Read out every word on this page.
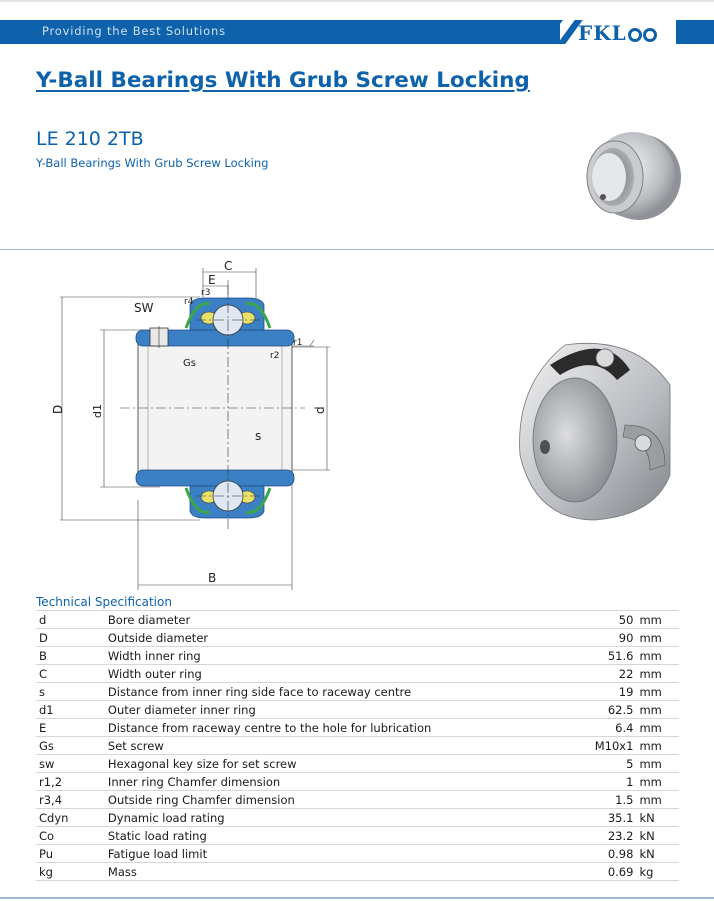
Providing the Best Solutions	FKL
Y-Ball Bearings With Grub Screw Locking
LE 210 2TB
Y-Ball Bearings With Grub Screw Locking
C
E
r3
r4
SW
r1
r2
Gs
D d1	d
s
B
Technical Specification
d	Bore diameter	50	mm
D	Outside diameter	90	mm
B	Width inner ring	51.6	mm
C	Width outer ring	22	mm
s	Distance from inner ring side face to raceway centre	19	mm
d1	Outer diameter inner ring	62.5	mm
E	Distance from raceway centre to the hole for lubrication	6.4	mm
Gs	Set screw	M10x1	mm
sw	Hexagonal key size for set screw	5	mm
r1,2	Inner ring Chamfer dimension	1	mm
r3,4	Outside ring Chamfer dimension	1.5	mm
Cdyn	Dynamic load rating	35.1	kN
Co	Static load rating	23.2	kN
Pu	Fatigue load limit	0.98	kN
kg	Mass	0.69	kg
